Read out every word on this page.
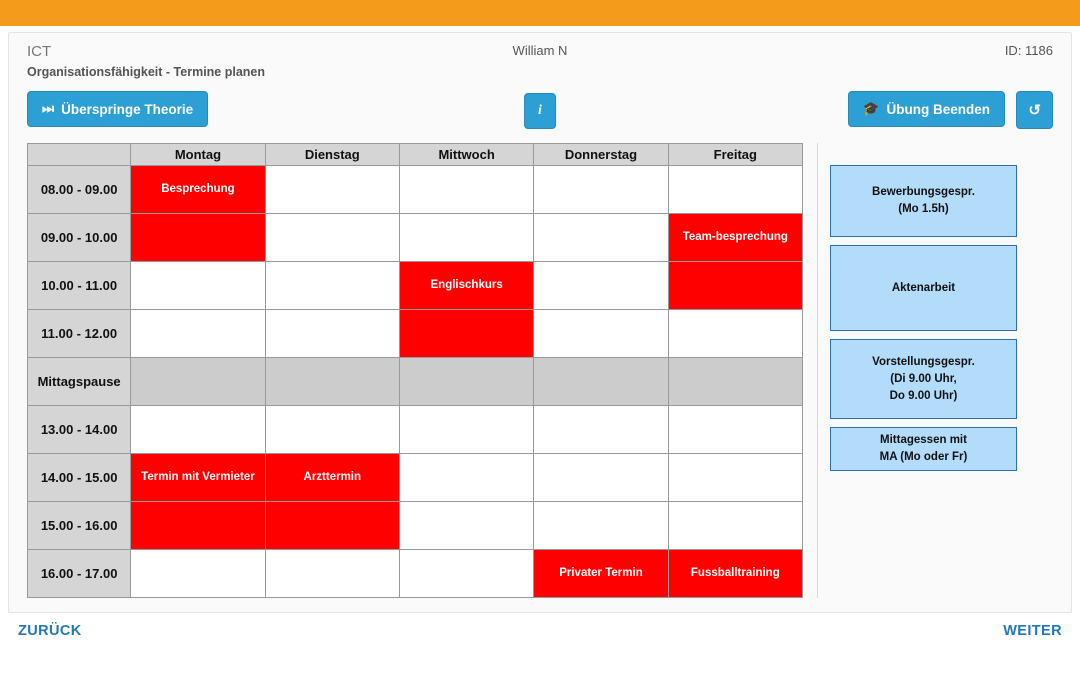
ICT
Organisationsfähigkeit - Termine planen
William N	ID: 1186
⏭ Überspringe Theorie	i	🎓 Übung Beenden	↺
	Montag	Dienstag	Mittwoch	Donnerstag	Freitag
08.00 - 09.00	Besprechung				
09.00 - 10.00					Team-besprechung
10.00 - 11.00			Englischkurs		
11.00 - 12.00					
Mittagspause					
13.00 - 14.00					
14.00 - 15.00	Termin mit Vermieter	Arzttermin			
15.00 - 16.00					
16.00 - 17.00				Privater Termin	Fussballtraining
Bewerbungsgespr.
(Mo 1.5h)
Aktenarbeit
Vorstellungsgespr.
(Di 9.00 Uhr,
Do 9.00 Uhr)
Mittagessen mit
MA (Mo oder Fr)
ZURÜCK	WEITER
